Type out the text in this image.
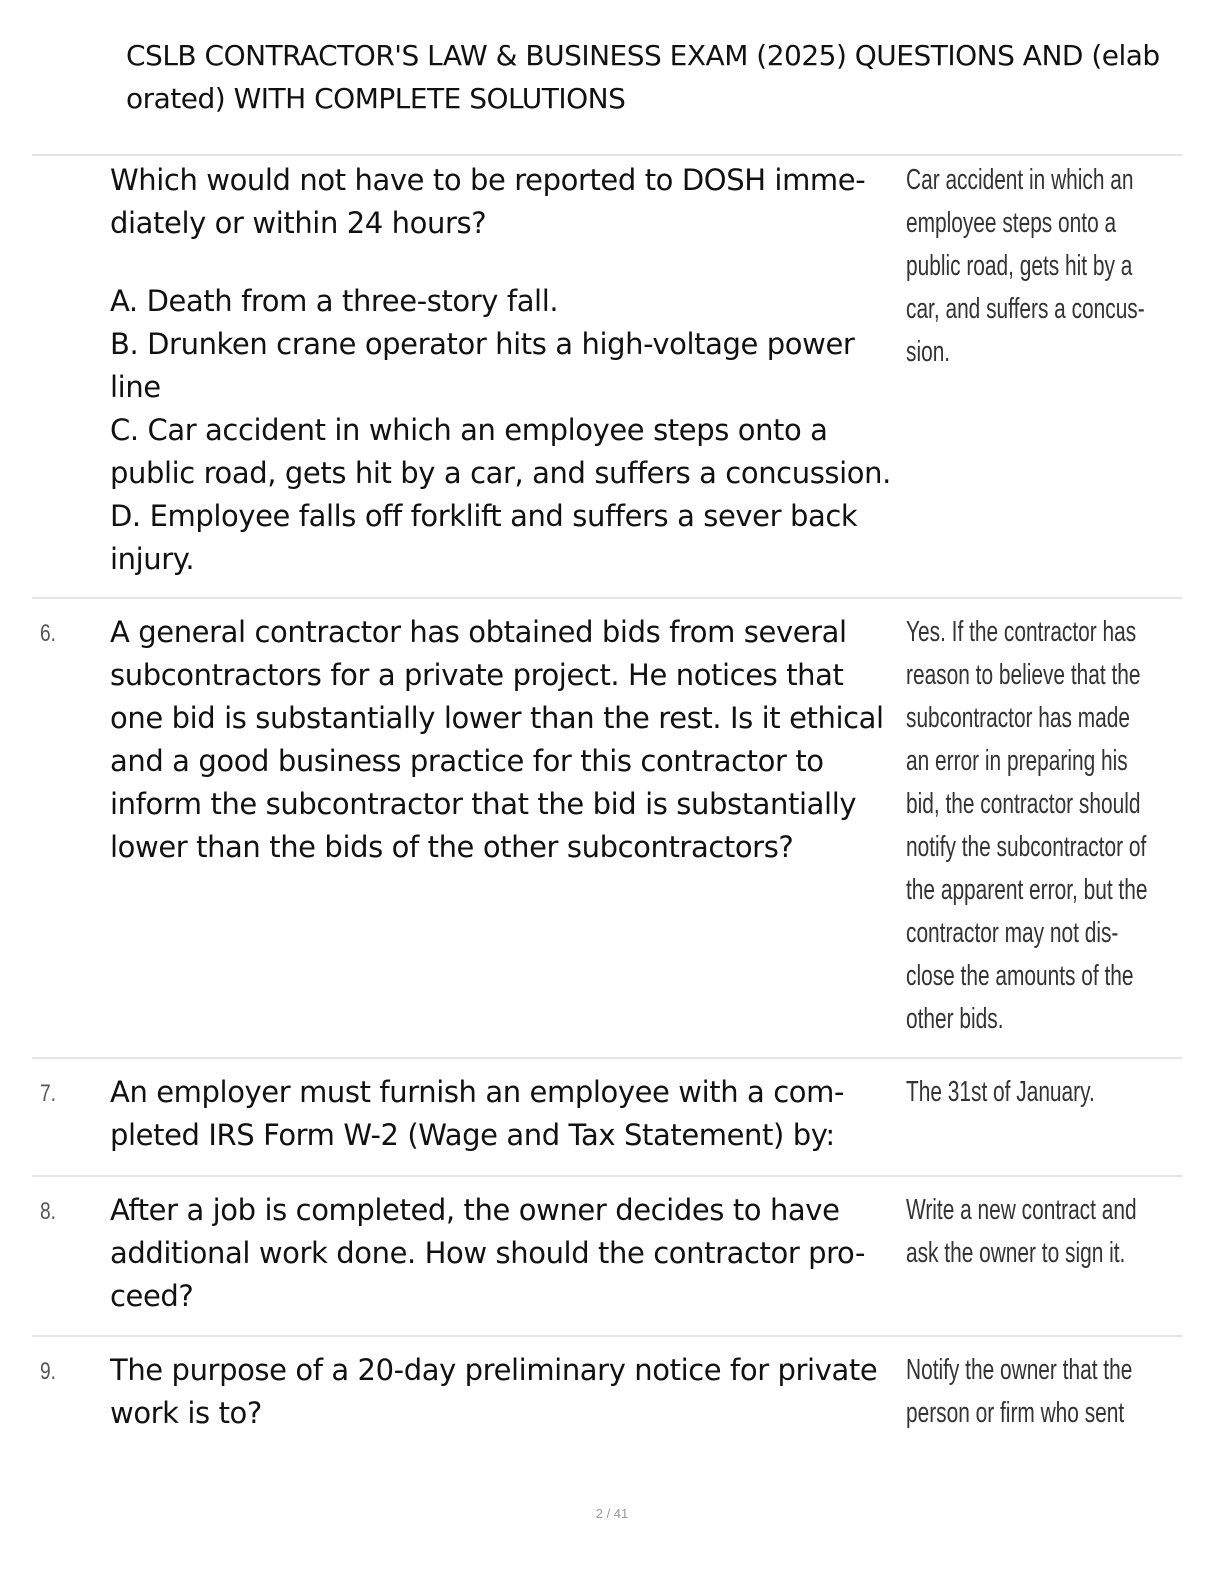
CSLB CONTRACTOR'S LAW & BUSINESS EXAM (2025) QUESTIONS AND (elab
orated) WITH COMPLETE SOLUTIONS
Which would not have to be reported to DOSH imme-
diately or within 24 hours?
A. Death from a three-story fall.
B. Drunken crane operator hits a high-voltage power
line
C. Car accident in which an employee steps onto a
public road, gets hit by a car, and suffers a concussion.
D. Employee falls off forklift and suffers a sever back
injury.
Car accident in which an
employee steps onto a
public road, gets hit by a
car, and suffers a concus-
sion.
6. A general contractor has obtained bids from several
subcontractors for a private project. He notices that
one bid is substantially lower than the rest. Is it ethical
and a good business practice for this contractor to
inform the subcontractor that the bid is substantially
lower than the bids of the other subcontractors?
Yes. If the contractor has
reason to believe that the
subcontractor has made
an error in preparing his
bid, the contractor should
notify the subcontractor of
the apparent error, but the
contractor may not dis-
close the amounts of the
other bids.
7. An employer must furnish an employee with a com-
pleted IRS Form W-2 (Wage and Tax Statement) by:
The 31st of January.
8. After a job is completed, the owner decides to have
additional work done. How should the contractor pro-
ceed?
Write a new contract and
ask the owner to sign it.
9. The purpose of a 20-day preliminary notice for private
work is to?
Notify the owner that the
person or firm who sent
2 / 41
